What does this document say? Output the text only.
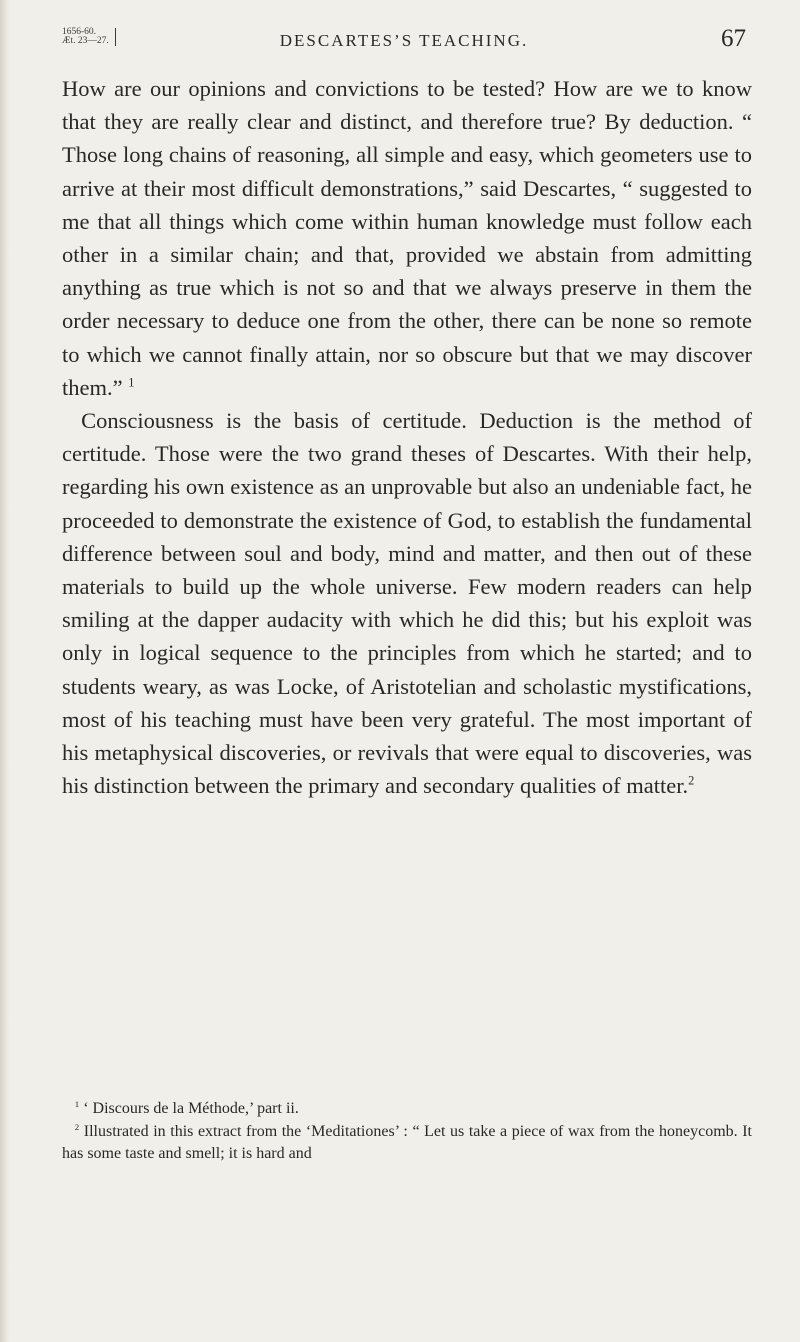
1656-60.
Æt. 23—27.	DESCARTES’S TEACHING.	67

How are our opinions and convictions to be tested? How are we to know that they are really clear and distinct, and therefore true? By deduction. “ Those long chains of reasoning, all simple and easy, which geometers use to arrive at their most difficult demonstrations,” said Descartes, “ suggested to me that all things which come within human knowledge must follow each other in a similar chain; and that, provided we abstain from admitting anything as true which is not so and that we always preserve in them the order necessary to deduce one from the other, there can be none so remote to which we cannot finally attain, nor so obscure but that we may discover them.” $^1$

Consciousness is the basis of certitude. Deduction is the method of certitude. Those were the two grand theses of Descartes. With their help, regarding his own existence as an unprovable but also an undeniable fact, he proceeded to demonstrate the existence of God, to establish the fundamental difference between soul and body, mind and matter, and then out of these materials to build up the whole universe. Few modern readers can help smiling at the dapper audacity with which he did this; but his exploit was only in logical sequence to the principles from which he started; and to students weary, as was Locke, of Aristotelian and scholastic mystifications, most of his teaching must have been very grateful. The most important of his metaphysical discoveries, or revivals that were equal to discoveries, was his distinction between the primary and secondary qualities of matter.$^2$

$^1$ ‘ Discours de la Méthode,’ part ii.

$^2$ Illustrated in this extract from the ‘Meditationes’ : “ Let us take a piece of wax from the honeycomb. It has some taste and smell; it is hard and
